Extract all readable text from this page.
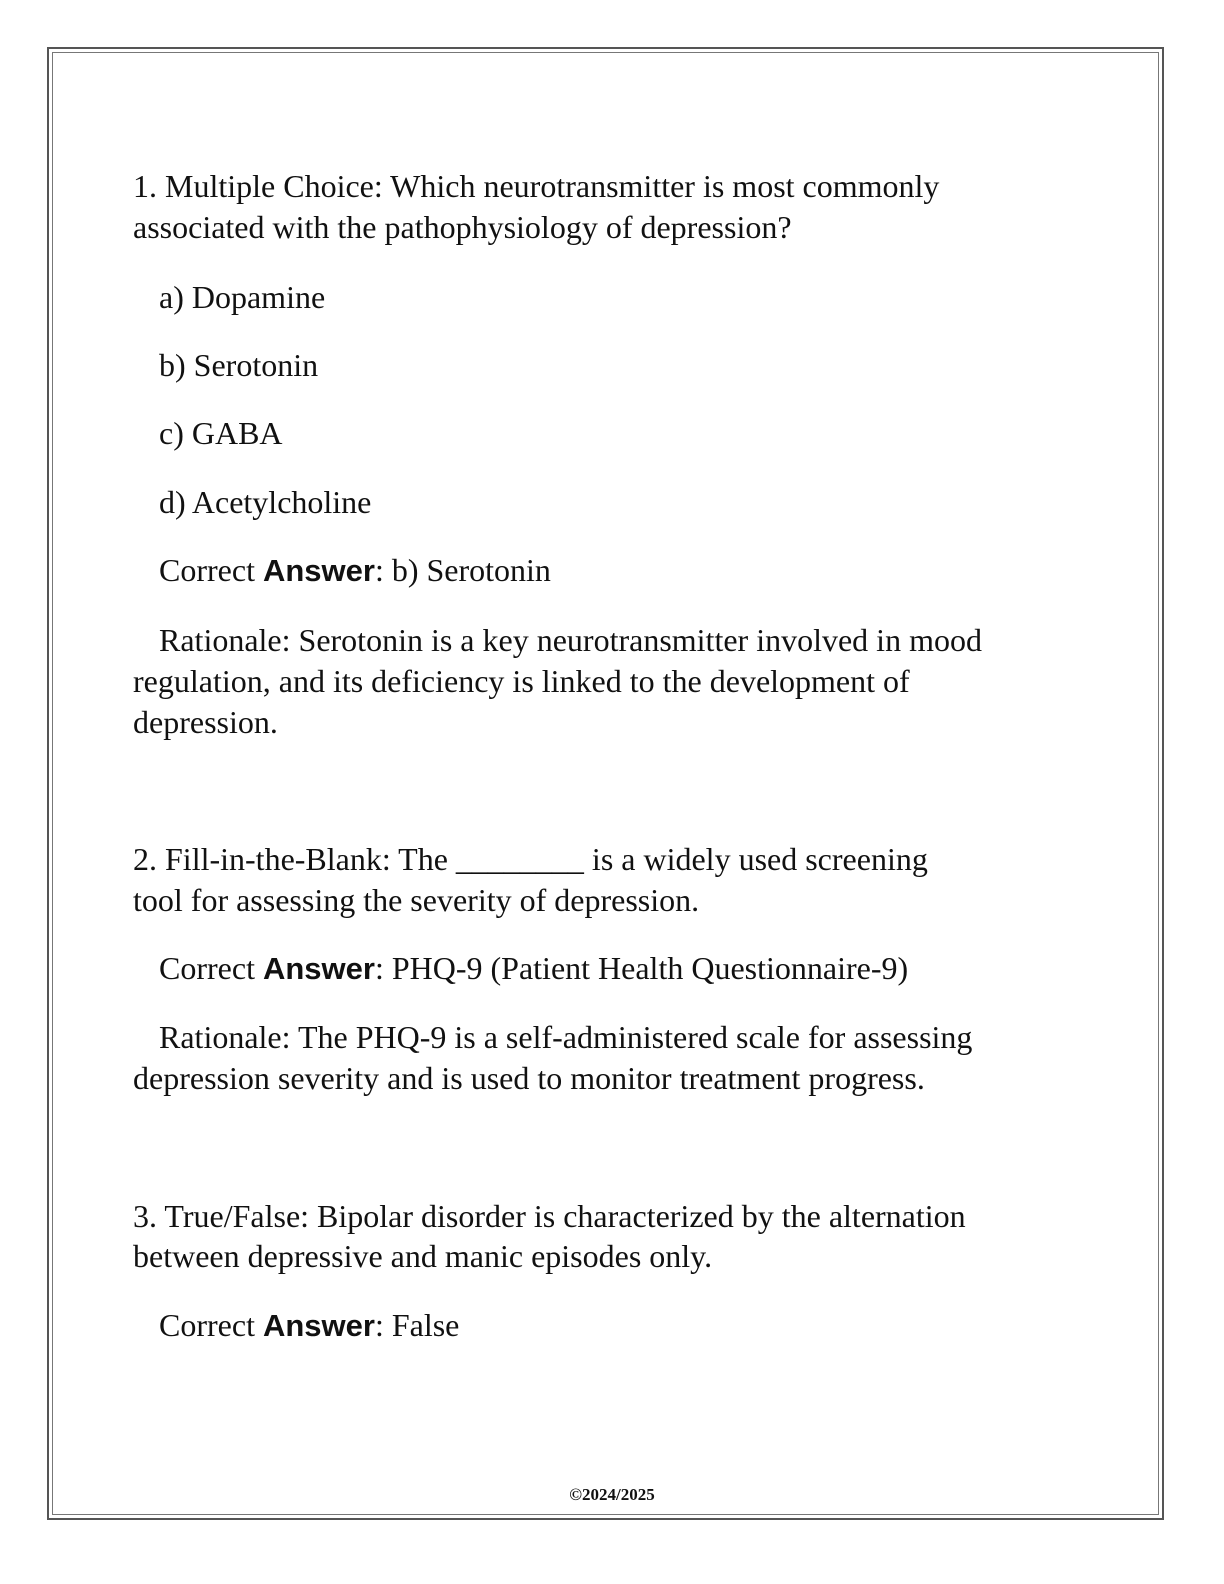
1. Multiple Choice: Which neurotransmitter is most commonly
associated with the pathophysiology of depression?
a) Dopamine
b) Serotonin
c) GABA
d) Acetylcholine
Correct Answer: b) Serotonin
Rationale: Serotonin is a key neurotransmitter involved in mood
regulation, and its deficiency is linked to the development of
depression.
2. Fill-in-the-Blank: The ________ is a widely used screening
tool for assessing the severity of depression.
Correct Answer: PHQ-9 (Patient Health Questionnaire-9)
Rationale: The PHQ-9 is a self-administered scale for assessing
depression severity and is used to monitor treatment progress.
3. True/False: Bipolar disorder is characterized by the alternation
between depressive and manic episodes only.
Correct Answer: False
©2024/2025
